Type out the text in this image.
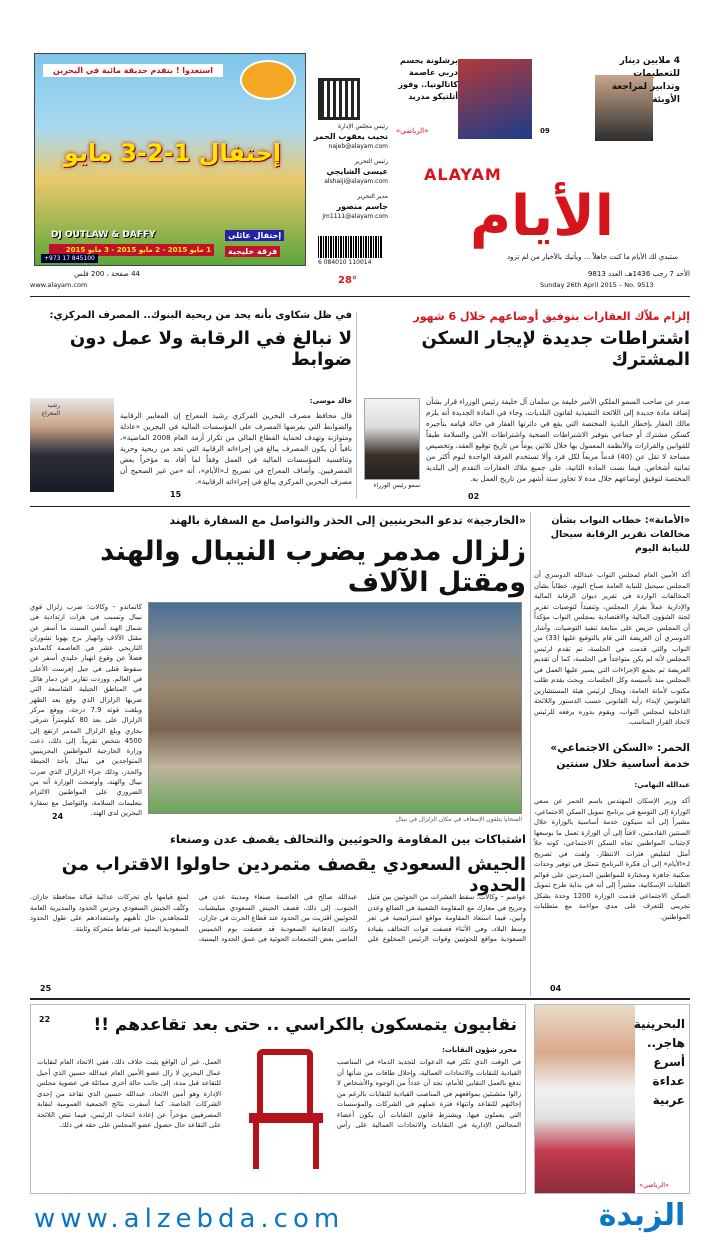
استعدوا ! بتقدم حديقة مائية في البحرين
إحتفال 1-2-3 مايو
1 مايو 2015 - 2 مايو 2015 - 3 مايو 2015
DJ OUTLAW & DAFFY	إحتفال عائلي
فرقة خليجية
+973 17 845100
رئيس مجلس الإدارة
نجيب يعقوب الحمر
najeb@alayam.com
رئيس التحرير
عيسى الشايجي
alshaiji@alayam.com
مدير التحرير
جاسم منصور
jm1111@alayam.com
6 084010 110014
4 ملايين دينار للتعطيمات وتدابير لمراجعة الأوبئة
09
برشلونة يحسم دربي عاصمة كاتالونيا.. وفوز أتلتيكو مدريد
«الرياضي»
ALAYAM
الأيام
ستبدي لك الأيام ما كنت جاهلاً ... ويأتيك بالأخبار من لم تزود
الأحد 7 رجب 1436هـ، العدد 9813
Sunday 26th April 2015 – No. 9513
28°
44 صفحة ، 200 فلس
www.alayam.com
إلزام ملاّك العقارات بتوفيق أوضاعهم خلال 6 شهور
اشتراطات جديدة لإيجار السكن المشترك
سمو رئيس الوزراء
صدر عن صاحب السمو الملكي الأمير خليفة بن سلمان آل خليفة رئيس الوزراء قرار بشأن إضافة مادة جديدة إلى اللائحة التنفيذية لقانون البلديات، وجاء في المادة الجديدة أنه يلزم مالك العقار بإخطار البلدية المختصة التي يقع في دائرتها العقار في حالة قيامه بتأجيره كسكن مشترك أو جماعي بتوفير الاشتراطات الصحية واشتراطات الأمن والسلامة طبقاً للقوانين والقرارات والأنظمة المعمول بها خلال ثلاثين يوماً من تاريخ توقيع العقد، وتخصيص مساحة لا تقل عن (40) قدماً مربعاً لكل فرد وألا تستخدم الغرفة الواحدة لنوم أكثر من ثمانية أشخاص. فيما نصت المادة الثانية، على جميع ملاك العقارات التقدم إلى البلدية المختصة لتوفيق أوضاعهم خلال مدة لا تجاوز ستة أشهر من تاريخ العمل به.
02
في ظل شكاوى بأنه يحد من ربحية البنوك.. المصرف المركزي:
لا نبالغ في الرقابة ولا عمل دون ضوابط
خالد موسى:
رشيد المعراج	قال محافظ مصرف البحرين المركزي رشيد المعراج إن المعايير الرقابية والضوابط التي يفرضها المصرف على المؤسسات المالية في البحرين «عادلة ومتوازنة وتهدف لحماية القطاع المالي من تكرار أزمة العام 2008 الماضية»، نافياً أن يكون المصرف يبالغ في إجراءاته الرقابية التي تحد من ربحية وحرية وتنافسية المؤسسات المالية في العمل وفقاً لما أفاد به مؤخراً بعض المصرفيين. وأضاف المعراج في تصريح لـ«الأيام»، أنه «من غير الصحيح أن مصرف البحرين المركزي يبالغ في إجراءاته الرقابية».
15
«الأمانة»: خطاب النواب بشأن مخالفات تقرير الرقابة سيحال للنيابة اليوم
أكد الأمين العام لمجلس النواب عبدالله الدوسري أن المجلس سيحيل للنيابة العامة صباح اليوم، خطاباً بشأن المخالفات الواردة في تقرير ديوان الرقابة المالية والإدارية عملاً بقرار المجلس، وتنفيذاً لتوصيات تقرير لجنة الشؤون المالية والاقتصادية بمجلس النواب مؤكداً أن المجلس حريص على متابعة تنفيذ التوصيات. وأشار الدوسري أن العريضة التي قام بالتوقيع عليها (33) من النواب والتي قدمت في الجلسة، تم تقدم لرئيس المجلس لأنه لم يكن متواجداً في الجلسة، كما أن تقديم العريضة تم بجمع الإجراءات التي يسير عليها العمل في المجلس منذ تأسيسه وكل الجلسات. وبحث يقدم طلب مكتوب لأمانة العامة، ويحال لرئيس هيئة المستشارين القانونيين لإبداء رأيه القانوني حسب الدستور واللائحة الداخلية لمجلس النواب، ويقوم بدوره برفعه للرئيس لاتخاذ القرار المناسب.
«الخارجية» تدعو البحرينيين إلى الحذر والتواصل مع السفارة بالهند
زلزال مدمر يضرب النيبال والهند ومقتل الآلاف
كاتماندو – وكالات: ضرب زلزال قوي نيبال وتسبب في هزات ارتدادية في شمال الهند أمس السبت ما أسفر عن مقتل الآلاف وانهيار برج بهونا تشوران التاريخي عشر في العاصمة كاتماندو فضلاً عن وقوع انهيار جليدي أسفر عن سقوط قتلى في جبل إفرست الأعلى في العالم. ووردت تقارير عن دمار هائل في المناطق الجبلية الشاسعة التي ضربها الزلزال الذي وقع بعد الظهر وبلغت قوته 7.9 درجة، ووقع مركز الزلزال على بعد 80 كيلومتراً شرقي بخاري وبلغ الزلزال المدمر ارتفع إلى 4500 شخص تقريباً. إلى ذلك، دعت وزارة الخارجية المواطنين البحرينيين المتواجدين في نيبال بأخذ الحيطة والحذر، وذلك جراء الزلزال الذي ضرب نيبال والهند، وأوضحت الوزارة أنه من الضروري على المواطنين الالتزام بتعليمات السلامة، والتواصل مع سفارة البحرين لدى الهند.
الضحايا يتلقون الإسعاف في مكان الزلزال في نيبال
24
الحمر: «السكن الاجتماعي» خدمة أساسية خلال سنتين
عبدالله النهامي:
أكد وزير الإسكان المهندس باسم الحمر عن سعي الوزارة إلى التوسع في برنامج تمويل السكن الاجتماعي، مشيراً إلى أنه سيكون خدمة أساسية بالوزارة خلال السنتين القادمتين، لافتاً إلى أن الوزارة تعمل ما بوسعها لإجتناب المواطنين تجاه السكن الاجتماعي، كونه حلاً أمثل لتقليص فترات الانتظار. ولفت في تصريح لـ«الأيام» إلى أن فكرة البرنامج تتمثل في توفير وحدات سكنية جاهزة ومختارة للمواطنين المدرجين على قوائم الطلبات الإسكانية، مشيراً إلى أنه في بداية طرح تمويل السكن الاجتماعي قدمت الوزارة 1200 وحدة بشكل تجريبي للتعرف على مدى مواءمة مع متطلبات المواطنين.
04
اشتباكات بين المقاومة والحوثيين والتحالف يقصف عدن وصنعاء
الجيش السعودي يقصف متمردين حاولوا الاقتراب من الحدود
عواصم – وكالات: سقط العشرات من الحوثيين بين قتيل وجريح في معارك مع المقاومة الشعبية في الضالع وعدن وأبين، فيما استعاد المقاومة مواقع استراتيجية في تعز وسط البلاد، وفي الأثناء قصفت قوات التحالف بقيادة السعودية مواقع للحوثيين وقوات الرئيس المخلوع علي عبدالله صالح في العاصمة صنعاء ومدينة عدن في الجنوب. إلى ذلك، قصف الجيش السعودي ميليشيات للحوثيين اقتربت من الحدود عند قطاع الحرث في جازان، وكانت الدفاعية السعودية قد قصفت بوم الخميس الماضي بعض التجمعات الحوثية في عمق الحدود اليمنية، لمنع قيامها بأي تحركات عدائية قبالة محافظة جازان. وكثّف الجيش السعودي وحرس الحدود والمديرية العامة للمجاهدين حال تأهبهم واستعدادهم على طول الحدود السعودية اليمنية عبر نقاط متحركة وثابتة.
25
نقابيون يتمسكون بالكراسي .. حتى بعد تقاعدهم !!
محرر شؤون النقابات:
في الوقت الذي تكثر فيه الدعوات لتجديد الدماء في المناصب القيادية للنقابات والاتحادات العمالية، وإحلال طاقات من شأنها أن تدفع بالعمل النقابي للأمام، نجد أن عدداً من الوجوه والأشخاص لا زالوا متشبثين بمواقعهم في المناصب القيادية للنقابات بالرغم من إحالتهم للتقاعد وانتهاء فترة عملهم في الشركات والمؤسسات التي يعملون فيها. ويشترط قانون النقابات أن يكون أعضاء المجالس الإدارية في النقابات والاتحادات العمالية على رأس العمل. غير أن الواقع يثبت خلاف ذلك، ففي الاتحاد العام لنقابات عمال البحرين لا زال عضو الأمين العام عبدالله حسين الذي أحيل للتقاعد قبل مدة، إلى جانب حالة أخرى مماثلة في عضوية مجلس الإدارة وهو أمين الاتحاد، عبدالله حسين الذي تقاعد من إحدى الشركات الخاصة. كما أسفرت نتائج الجمعية العمومية لنقابة المصرفيين مؤخراً عن إعادة انتخاب الرئيس، فيما تنص اللائحة على التقاعد حال حصول عضو المجلس على حقه في ذلك.
22	البحرينية هاجر.. أسرع عداءة عربية
«الرياضي»
www.alzebda.com	الزبدة
